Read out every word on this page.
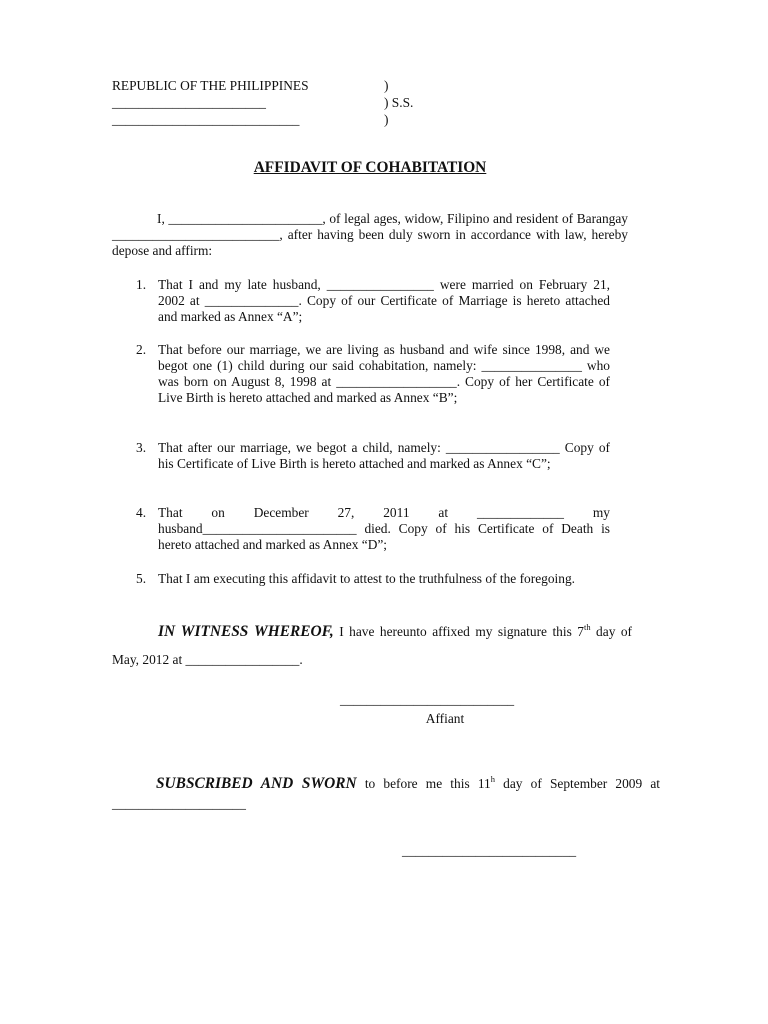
REPUBLIC OF THE PHILIPPINES	)
_______________________	) S.S.
____________________________	)
AFFIDAVIT OF COHABITATION
I, _______________________, of legal ages, widow, Filipino and resident of Barangay _________________________, after having been duly sworn in accordance with law, hereby depose and affirm:
1. That I and my late husband, ________________ were married on February 21, 2002 at ______________. Copy of our Certificate of Marriage is hereto attached and marked as Annex “A”;
2. That before our marriage, we are living as husband and wife since 1998, and we begot one (1) child during our said cohabitation, namely: _______________ who was born on August 8, 1998 at __________________. Copy of her Certificate of Live Birth is hereto attached and marked as Annex “B”;
3. That after our marriage, we begot a child, namely: _________________ Copy of his Certificate of Live Birth is hereto attached and marked as Annex “C”;
4. That on December 27, 2011 at _____________ my husband_______________________ died. Copy of his Certificate of Death is hereto attached and marked as Annex “D”;
5. That I am executing this affidavit to attest to the truthfulness of the foregoing.
IN WITNESS WHEREOF, I have hereunto affixed my signature this 7th day of May, 2012 at _________________.
__________________________
Affiant
SUBSCRIBED AND SWORN to before me this 11$^h$ day of September 2009 at ____________________
__________________________
